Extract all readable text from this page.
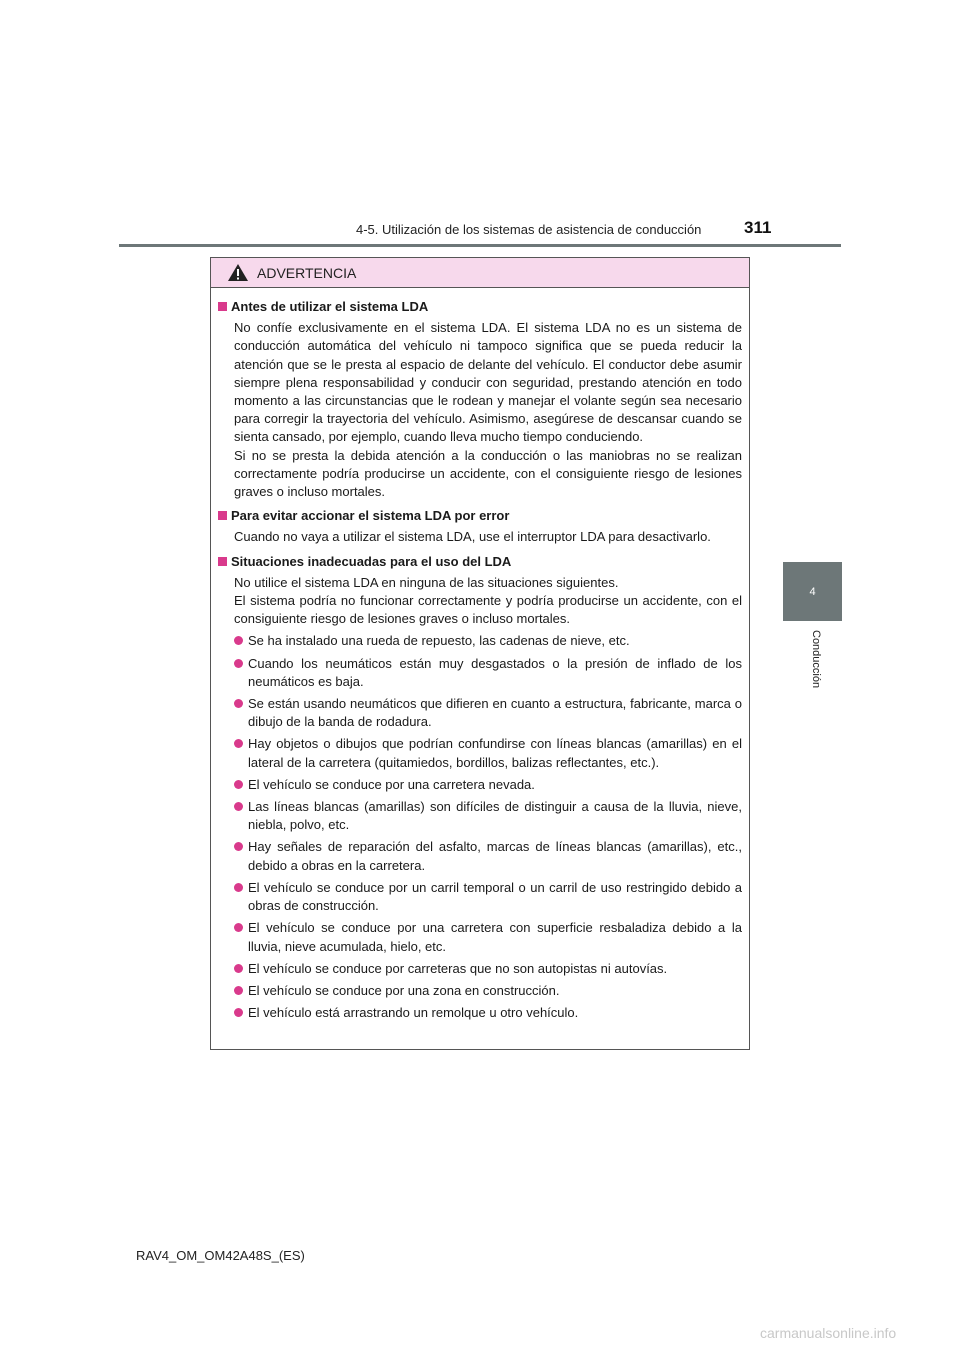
4-5. Utilización de los sistemas de asistencia de conducción	311
4
Conducción
ADVERTENCIA
Antes de utilizar el sistema LDA

No confíe exclusivamente en el sistema LDA. El sistema LDA no es un sistema de conducción automática del vehículo ni tampoco significa que se pueda reducir la atención que se le presta al espacio de delante del vehículo. El conductor debe asumir siempre plena responsabilidad y conducir con seguridad, prestando atención en todo momento a las circunstancias que le rodean y manejar el volante según sea necesario para corregir la trayectoria del vehículo. Asimismo, asegúrese de descansar cuando se sienta cansado, por ejemplo, cuando lleva mucho tiempo conduciendo.

Si no se presta la debida atención a la conducción o las maniobras no se realizan correctamente podría producirse un accidente, con el consiguiente riesgo de lesiones graves o incluso mortales.

Para evitar accionar el sistema LDA por error

Cuando no vaya a utilizar el sistema LDA, use el interruptor LDA para desactivarlo.

Situaciones inadecuadas para el uso del LDA

No utilice el sistema LDA en ninguna de las situaciones siguientes.

El sistema podría no funcionar correctamente y podría producirse un accidente, con el consiguiente riesgo de lesiones graves o incluso mortales.

Se ha instalado una rueda de repuesto, las cadenas de nieve, etc.
Cuando los neumáticos están muy desgastados o la presión de inflado de los neumáticos es baja.
Se están usando neumáticos que difieren en cuanto a estructura, fabricante, marca o dibujo de la banda de rodadura.
Hay objetos o dibujos que podrían confundirse con líneas blancas (amarillas) en el lateral de la carretera (quitamiedos, bordillos, balizas reflectantes, etc.).
El vehículo se conduce por una carretera nevada.
Las líneas blancas (amarillas) son difíciles de distinguir a causa de la lluvia, nieve, niebla, polvo, etc.
Hay señales de reparación del asfalto, marcas de líneas blancas (amarillas), etc., debido a obras en la carretera.
El vehículo se conduce por un carril temporal o un carril de uso restringido debido a obras de construcción.
El vehículo se conduce por una carretera con superficie resbaladiza debido a la lluvia, nieve acumulada, hielo, etc.
El vehículo se conduce por carreteras que no son autopistas ni autovías.
El vehículo se conduce por una zona en construcción.
El vehículo está arrastrando un remolque u otro vehículo.
RAV4_OM_OM42A48S_(ES)
carmanualsonline.info
